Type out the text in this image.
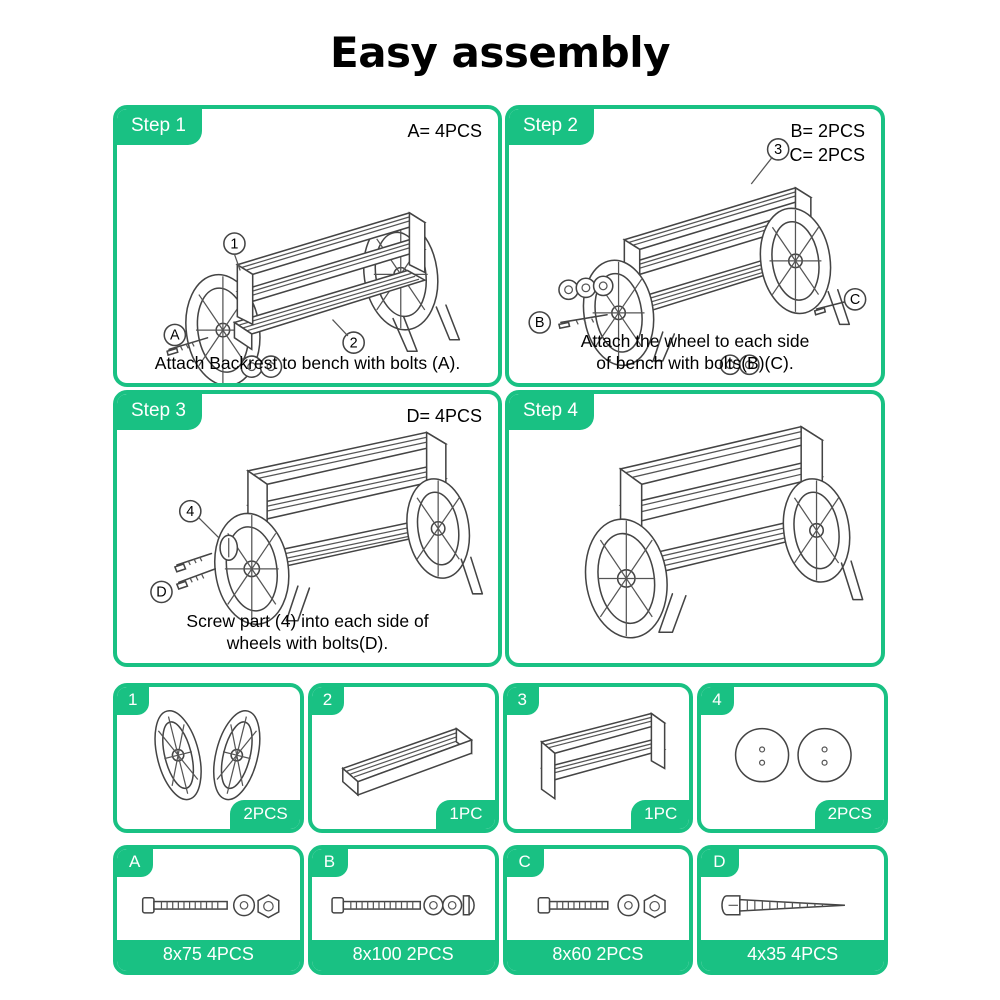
Easy assembly
Step 1	A= 4PCS
1
2
A
Attach Backrest to bench with bolts (A).
Step 2	B= 2PCS
C= 2PCS
B
C
3
Attach the wheel to each side
of bench with bolts(B)(C).
Step 3	D= 4PCS
D
4
Screw part (4) into each side of
wheels with bolts(D).
Step 4
1
2PCS
2
1PC
3
1PC
4
2PCS
A
8x75 4PCS
B
8x100 2PCS
C
8x60 2PCS
D
4x35 4PCS
